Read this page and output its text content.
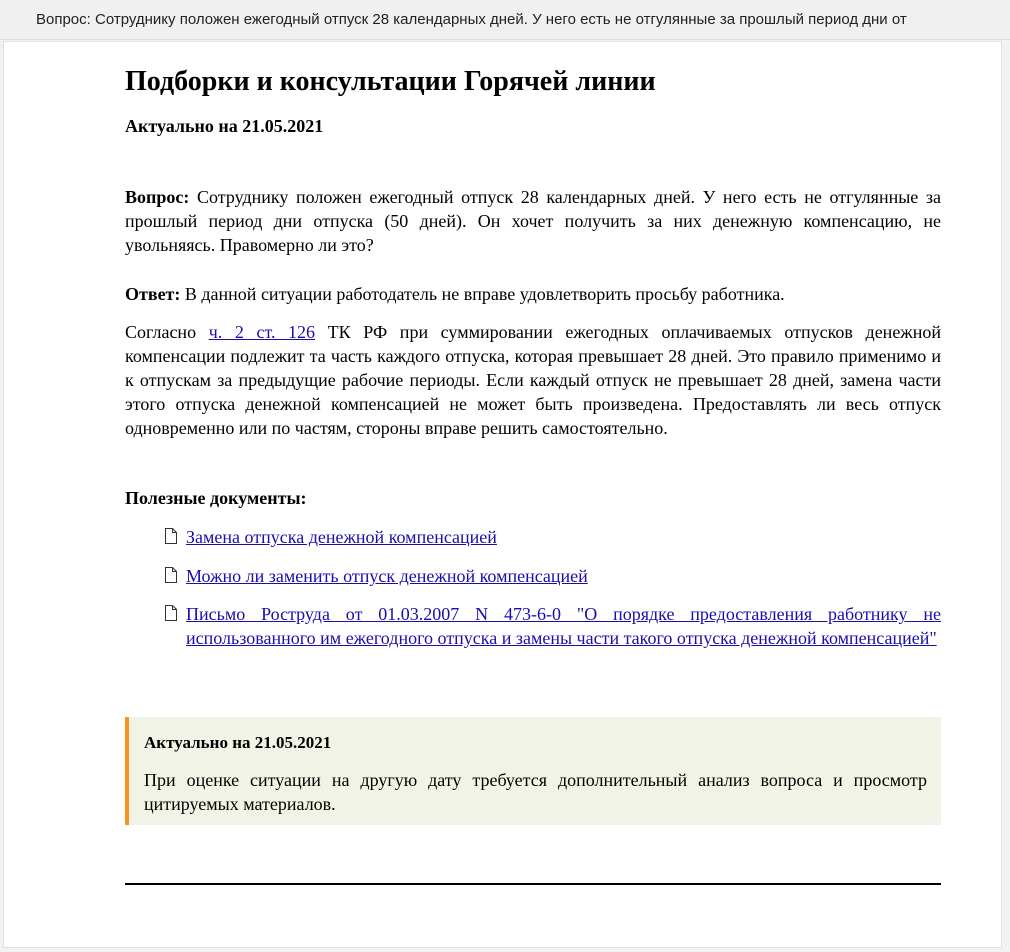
Вопрос: Сотруднику положен ежегодный отпуск 28 календарных дней. У него есть не отгулянные за прошлый период дни от
Подборки и консультации Горячей линии
Актуально на 21.05.2021

Вопрос: Сотруднику положен ежегодный отпуск 28 календарных дней. У него есть не отгулянные за прошлый период дни отпуска (50 дней). Он хочет получить за них денежную компенсацию, не увольняясь. Правомерно ли это?

Ответ: В данной ситуации работодатель не вправе удовлетворить просьбу работника.

Согласно ч. 2 ст. 126 ТК РФ при суммировании ежегодных оплачиваемых отпусков денежной компенсации подлежит та часть каждого отпуска, которая превышает 28 дней. Это правило применимо и к отпускам за предыдущие рабочие периоды. Если каждый отпуск не превышает 28 дней, замена части этого отпуска денежной компенсацией не может быть произведена. Предоставлять ли весь отпуск одновременно или по частям, стороны вправе решить самостоятельно.

Полезные документы:
Замена отпуска денежной компенсацией
Можно ли заменить отпуск денежной компенсацией
Письмо Роструда от 01.03.2007 N 473-6-0 "О порядке предоставления работнику не использованного им ежегодного отпуска и замены части такого отпуска денежной компенсацией"
Актуально на 21.05.2021
При оценке ситуации на другую дату требуется дополнительный анализ вопроса и просмотр цитируемых материалов.
